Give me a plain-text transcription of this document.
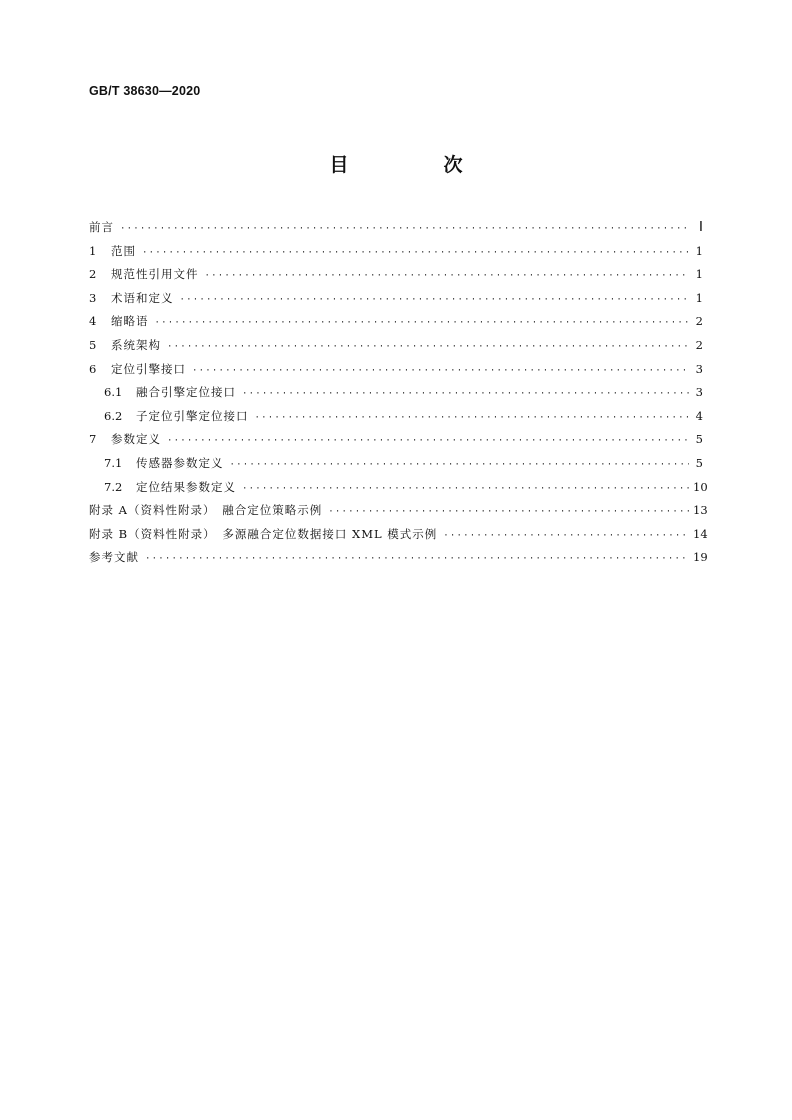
GB/T 38630—2020
目　次
前言 ·····	Ⅰ
1	范围 ·····	1
2	规范性引用文件 ·····	1
3	术语和定义 ·····	1
4	缩略语 ·····	2
5	系统架构 ·····	2
6	定位引擎接口 ·····	3
6.1	融合引擎定位接口 ·····	3
6.2	子定位引擎定位接口 ·····	4
7	参数定义 ·····	5
7.1	传感器参数定义 ·····	5
7.2	定位结果参数定义 ·····	10
附录 A（资料性附录）　融合定位策略示例 ·····	13
附录 B（资料性附录）　多源融合定位数据接口 XML 模式示例 ·····	14
参考文献 ·····	19
